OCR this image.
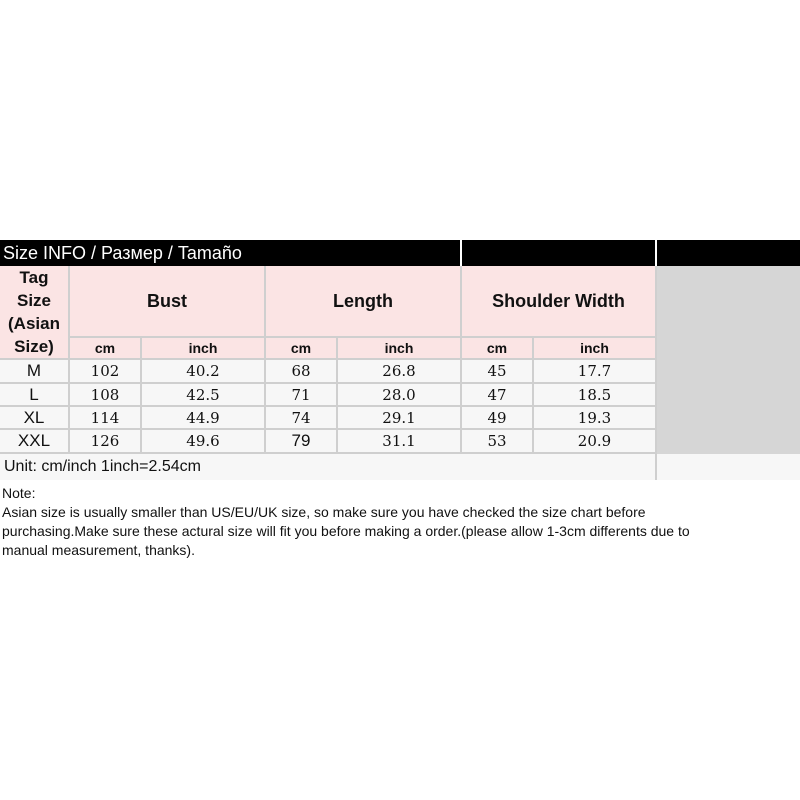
Size INFO / Размер / Tamaño
Tag
Size
(Asian
Size)
Bust	Length	Shoulder Width
cm	inch	cm	inch	cm	inch
M	102	40.2	68	26.8	45	17.7
L	108	42.5	71	28.0	47	18.5
XL	114	44.9	74	29.1	49	19.3
XXL	126	49.6	79	31.1	53	20.9
Unit: cm/inch 1inch=2.54cm
Note:
Asian size is usually smaller than US/EU/UK size, so make sure you have checked the size chart before
purchasing.Make sure these actural size will fit you before making a order.(please allow 1-3cm differents due to
manual measurement, thanks).
